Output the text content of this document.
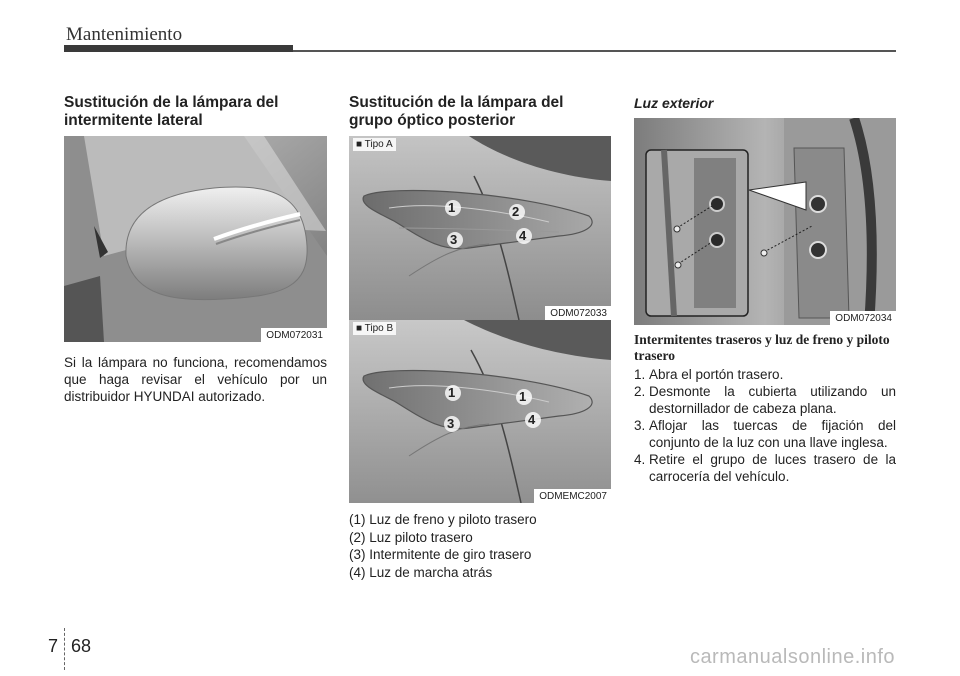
Mantenimiento
Sustitución de la lámpara del intermitente lateral
ODM072031
Si la lámpara no funciona, recomendamos que haga revisar el vehículo por un distribuidor HYUNDAI autorizado.
Sustitución de la lámpara del grupo óptico posterior
■ Tipo A
1	2
3	4
ODM072033
■ Tipo B
1	1
3	4
ODMEMC2007
(1) Luz de freno y piloto trasero
(2) Luz piloto trasero
(3) Intermitente de giro trasero
(4) Luz de marcha atrás
Luz exterior
ODM072034
Intermitentes traseros y luz de freno y piloto trasero
1. Abra el portón trasero.
2. Desmonte la cubierta utilizando un destornillador de cabeza plana.
3. Aflojar las tuercas de fijación del conjunto de la luz con una llave inglesa.
4. Retire el grupo de luces trasero de la carrocería del vehículo.
7 68	carmanualsonline.info
